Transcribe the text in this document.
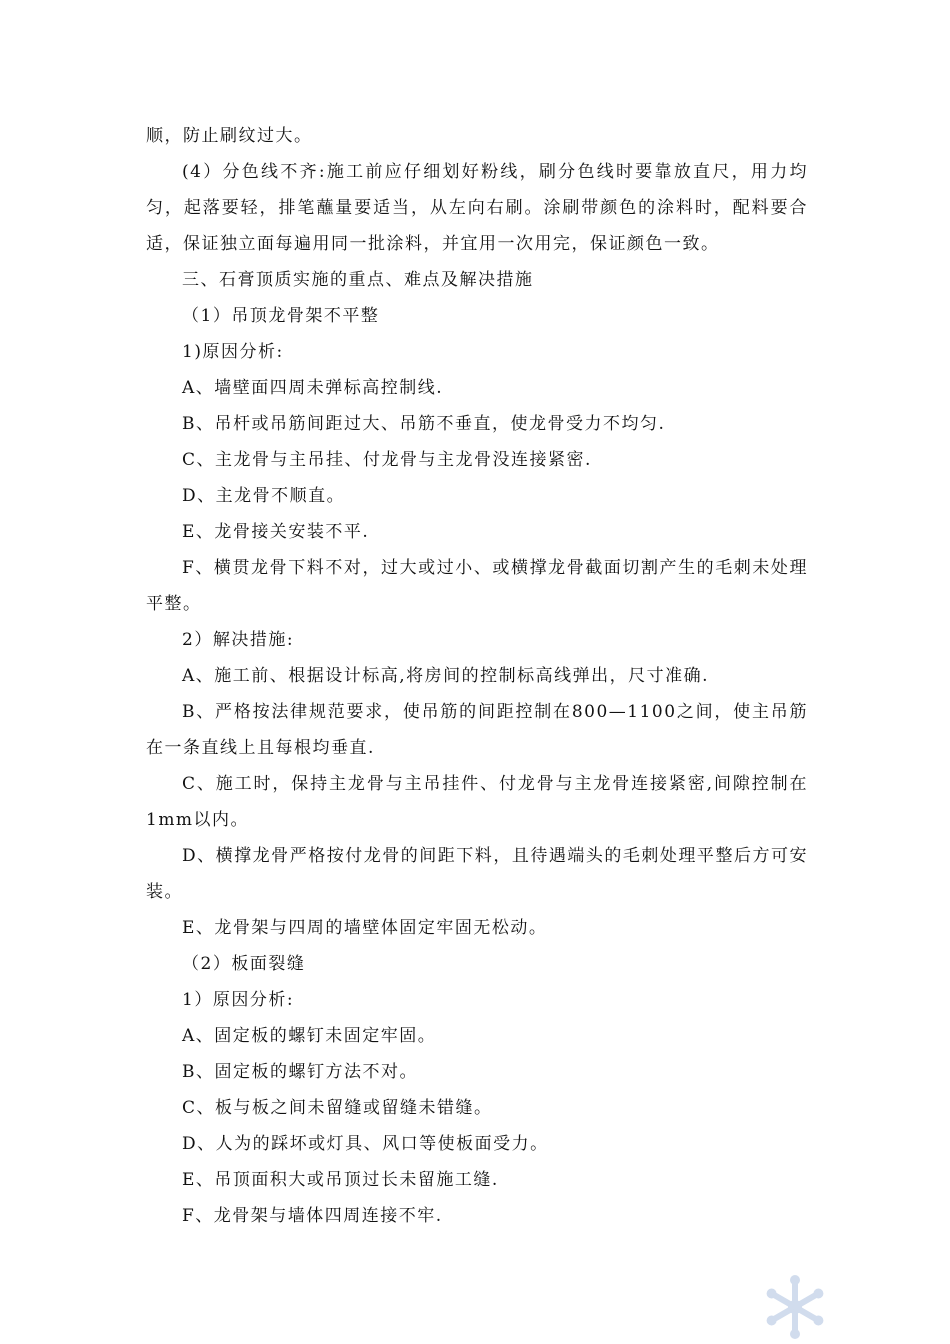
顺，防止刷纹过大。

(4）分色线不齐:施工前应仔细划好粉线，刷分色线时要靠放直尺，用力均匀，起落要轻，排笔蘸量要适当，从左向右刷。涂刷带颜色的涂料时，配料要合适，保证独立面每遍用同一批涂料，并宜用一次用完，保证颜色一致。

三、石膏顶质实施的重点、难点及解决措施

（1）吊顶龙骨架不平整

1)原因分析:

A、墙壁面四周未弹标高控制线.

B、吊杆或吊筋间距过大、吊筋不垂直，使龙骨受力不均匀.

C、主龙骨与主吊挂、付龙骨与主龙骨没连接紧密.

D、主龙骨不顺直。

E、龙骨接关安装不平.

F、横贯龙骨下料不对，过大或过小、或横撑龙骨截面切割产生的毛刺未处理平整。

2）解决措施:

A、施工前、根据设计标高,将房间的控制标高线弹出，尺寸准确.

B、严格按法律规范要求，使吊筋的间距控制在800—1100之间，使主吊筋在一条直线上且每根均垂直.

C、施工时，保持主龙骨与主吊挂件、付龙骨与主龙骨连接紧密,间隙控制在1mm以内。

D、横撑龙骨严格按付龙骨的间距下料，且待遇端头的毛刺处理平整后方可安装。

E、龙骨架与四周的墙壁体固定牢固无松动。

（2）板面裂缝

1）原因分析:

A、固定板的螺钉未固定牢固。

B、固定板的螺钉方法不对。

C、板与板之间未留缝或留缝未错缝。

D、人为的踩坏或灯具、风口等使板面受力。

E、吊顶面积大或吊顶过长未留施工缝.

F、龙骨架与墙体四周连接不牢.
